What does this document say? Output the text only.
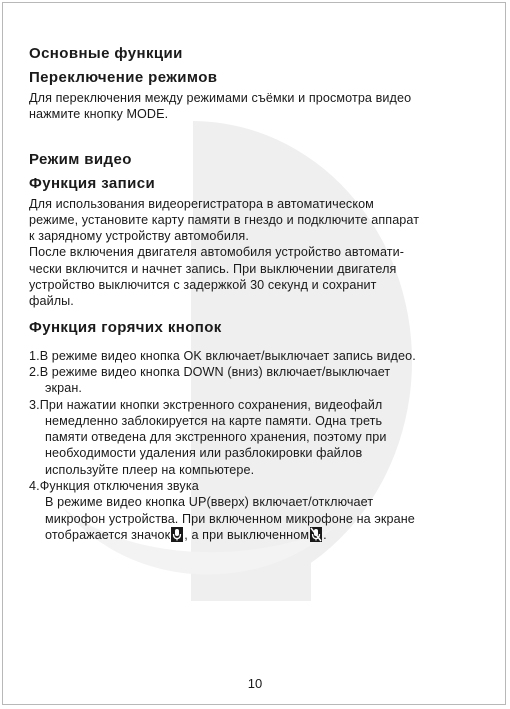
Основные функции
Переключение режимов
Для переключения между режимами съёмки и просмотра видео
нажмите кнопку MODE.
Режим видео
Функция записи
Для использования видеорегистратора в автоматическом
режиме, установите карту памяти в гнездо и подключите аппарат
к зарядному устройству автомобиля.
После включения двигателя автомобиля устройство автомати-
чески включится и начнет запись. При выключении двигателя
устройство выключится с задержкой 30 секунд и сохранит
файлы.
Функция горячих кнопок
1.В режиме видео кнопка OK включает/выключает запись видео.
2.В режиме видео кнопка DOWN (вниз) включает/выключает
экран.
3.При нажатии кнопки экстренного сохранения, видеофайл
немедленно заблокируется на карте памяти. Одна треть
памяти отведена для экстренного хранения, поэтому при
необходимости удаления или разблокировки файлов
используйте плеер на компьютере.
4.Функция отключения звука
В режиме видео кнопка UP(вверх) включает/отключает
микрофон устройства. При включенном микрофоне на экране
отображается значок , а при выключенном .
10
